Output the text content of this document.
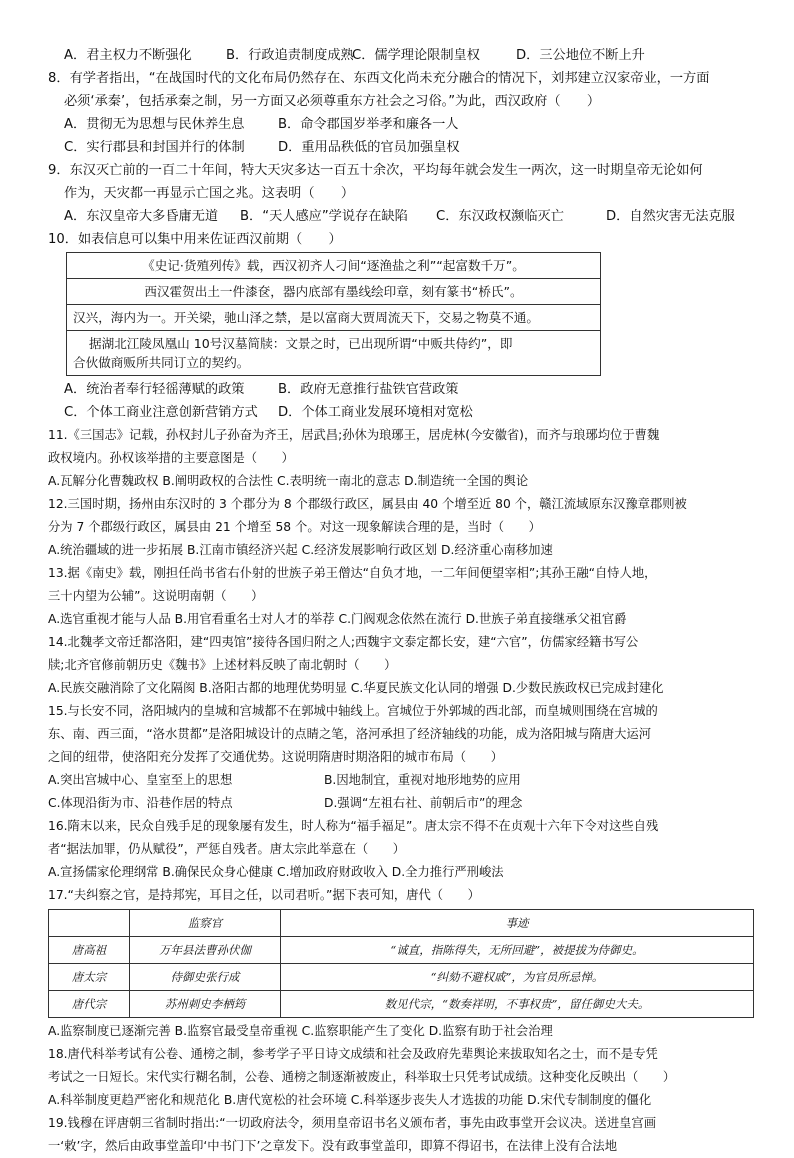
A．君主权力不断强化	B．行政追责制度成熟
C．儒学理论限制皇权	D．三公地位不断上升
8．有学者指出，“在战国时代的文化布局仍然存在、东西文化尚未充分融合的情况下，刘邦建立汉家帝业，一方面
必须‘承秦’，包括承秦之制，另一方面又必须尊重东方社会之习俗。”为此，西汉政府（　　）
A．贯彻无为思想与民休养生息	B．命令郡国岁举孝和廉各一人
C．实行郡县和封国并行的体制	D．重用品秩低的官员加强皇权
9．东汉灭亡前的一百二十年间，特大天灾多达一百五十余次，平均每年就会发生一两次，这一时期皇帝无论如何
作为，天灾都一再显示亡国之兆。这表明（　　）
A．东汉皇帝大多昏庸无道	B．“天人感应”学说存在缺陷	C．东汉政权濒临灭亡	D．自然灾害无法克服
10．如表信息可以集中用来佐证西汉前期（　　）
《史记·货殖列传》载，西汉初齐人刁间“逐渔盐之利”“起富数千万”。
西汉霍贺出土一件漆奁，器内底部有墨线绘印章，刻有篆书“桥氏”。
汉兴，海内为一。开关梁，驰山泽之禁，是以富商大贾周流天下，交易之物莫不通。

据湖北江陵凤凰山 10号汉墓简牍：文景之时，已出现所谓“中贩共侍约”，即
合伙做商贩所共同订立的契约。
A．统治者奉行轻徭薄赋的政策	B．政府无意推行盐铁官营政策
C．个体工商业注意创新营销方式	D．个体工商业发展环境相对宽松
11.《三国志》记载，孙权封儿子孙奋为齐王，居武昌;孙休为琅琊王，居虎林(今安徽省)，而齐与琅琊均位于曹魏
政权境内。孙权该举措的主要意图是（　　）
A.瓦解分化曹魏政权 B.阐明政权的合法性 C.表明统一南北的意志 D.制造统一全国的舆论
12.三国时期，扬州由东汉时的 3 个郡分为 8 个郡级行政区，属县由 40 个增至近 80 个，赣江流域原东汉豫章郡则被
分为 7 个郡级行政区，属县由 21 个增至 58 个。对这一现象解读合理的是，当时（　　）
A.统治疆域的进一步拓展 B.江南市镇经济兴起 C.经济发展影响行政区划 D.经济重心南移加速
13.据《南史》载，刚担任尚书省右仆射的世族子弟王僧达“自负才地，一二年间便望宰相”;其孙王融“自恃人地，
三十内望为公辅”。这说明南朝（　　）
A.选官重视才能与人品 B.用官看重名士对人才的举荐 C.门阀观念依然在流行 D.世族子弟直接继承父祖官爵
14.北魏孝文帝迁都洛阳，建“四夷馆”接待各国归附之人;西魏宇文泰定都长安，建“六官”，仿儒家经籍书写公
牍;北齐官修前朝历史《魏书》上述材料反映了南北朝时（　　）
A.民族交融消除了文化隔阂 B.洛阳古都的地理优势明显 C.华夏民族文化认同的增强 D.少数民族政权已完成封建化
15.与长安不同，洛阳城内的皇城和宫城都不在郭城中轴线上。宫城位于外郭城的西北部，而皇城则围绕在宫城的
东、南、西三面，“洛水贯都”是洛阳城设计的点睛之笔，洛河承担了经济轴线的功能，成为洛阳城与隋唐大运河
之间的纽带，使洛阳充分发挥了交通优势。这说明隋唐时期洛阳的城市布局（　　）
A.突出宫城中心、皇室至上的思想	B.因地制宜，重视对地形地势的应用
C.体现沿街为市、沿巷作居的特点	D.强调“左祖右社、前朝后市”的理念
16.隋末以来，民众自残手足的现象屡有发生，时人称为“福手福足”。唐太宗不得不在贞观十六年下令对这些自残
者“据法加罪，仍从赋役”，严惩自残者。唐太宗此举意在（　　）
A.宣扬儒家伦理纲常 B.确保民众身心健康 C.增加政府财政收入 D.全力推行严刑峻法
17.“夫纠察之官，是持邦宪，耳目之任，以司君听。”据下表可知，唐代（　　）
	监察官	事迹
唐高祖	万年县法曹孙伏伽	“诚直，指陈得失，无所回避”，被提拔为侍御史。
唐太宗	侍御史张行成	“纠劾不避权戚”，为官员所忌惮。
唐代宗	苏州刺史李栖筠	数见代宗，“数奏祥明，不事权贵”，留任御史大夫。
A.监察制度已逐渐完善 B.监察官最受皇帝重视 C.监察职能产生了变化 D.监察有助于社会治理
18.唐代科举考试有公卷、通榜之制，参考学子平日诗文成绩和社会及政府先辈舆论来拔取知名之士，而不是专凭
考试之一日短长。宋代实行糊名制，公卷、通榜之制逐渐被废止，科举取士只凭考试成绩。这种变化反映出（　　）
A.科举制度更趋严密化和规范化 B.唐代宽松的社会环境 C.科举逐步丧失人才选拔的功能 D.宋代专制制度的僵化
19.钱穆在评唐朝三省制时指出:“一切政府法令，须用皇帝诏书名义颁布者，事先由政事堂开会议决。送进皇宫画
一‘敕’字，然后由政事堂盖印‘中书门下’之章发下。没有政事堂盖印，即算不得诏书，在法律上没有合法地
